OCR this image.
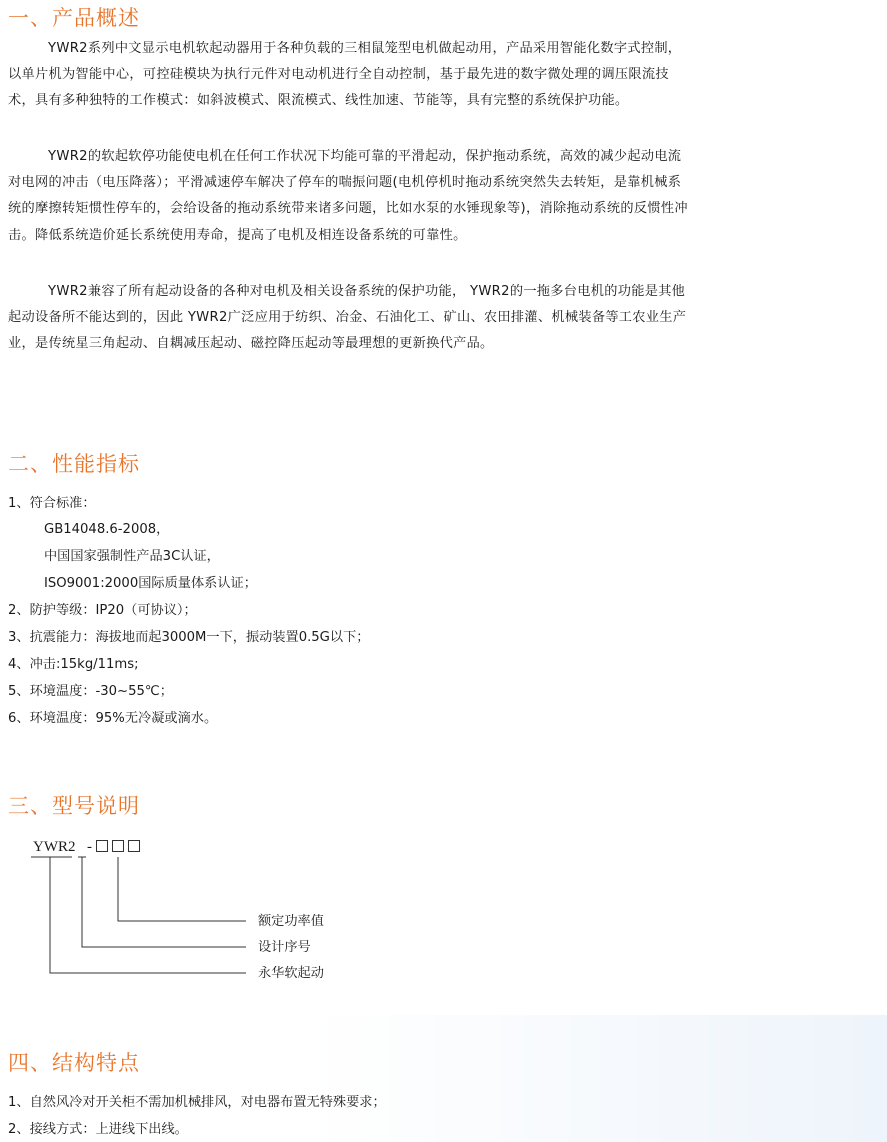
一、产品概述

YWR2系列中文显示电机软起动器用于各种负载的三相鼠笼型电机做起动用，产品采用智能化数字式控制，以单片机为智能中心，可控硅模块为执行元件对电动机进行全自动控制，基于最先进的数字微处理的调压限流技术，具有多种独特的工作模式：如斜波模式、限流模式、线性加速、节能等，具有完整的系统保护功能。

YWR2的软起软停功能使电机在任何工作状况下均能可靠的平滑起动，保护拖动系统，高效的减少起动电流对电网的冲击（电压降落）；平滑减速停车解决了停车的喘振问题(电机停机时拖动系统突然失去转矩，是靠机械系统的摩擦转矩惯性停车的，会给设备的拖动系统带来诸多问题，比如水泵的水锤现象等)，消除拖动系统的反惯性冲击。降低系统造价延长系统使用寿命，提高了电机及相连设备系统的可靠性。

YWR2兼容了所有起动设备的各种对电机及相关设备系统的保护功能， YWR2的一拖多台电机的功能是其他起动设备所不能达到的，因此 YWR2广泛应用于纺织、冶金、石油化工、矿山、农田排灌、机械装备等工农业生产业，是传统星三角起动、自耦减压起动、磁控降压起动等最理想的更新换代产品。

二、性能指标

1、符合标准：

GB14048.6-2008，

中国国家强制性产品3C认证，

ISO9001:2000国际质量体系认证；

2、防护等级：IP20（可协议）；

3、抗震能力：海拔地而起3000M一下，振动装置0.5G以下；

4、冲击:15kg/11ms;

5、环境温度：-30~55℃；

6、环境温度：95%无冷凝或滴水。

三、型号说明
YWR2 -

额定功率值

设计序号

永华软起动

四、结构特点

1、自然风冷对开关柜不需加机械排风，对电器布置无特殊要求；

2、接线方式：上进线下出线。
